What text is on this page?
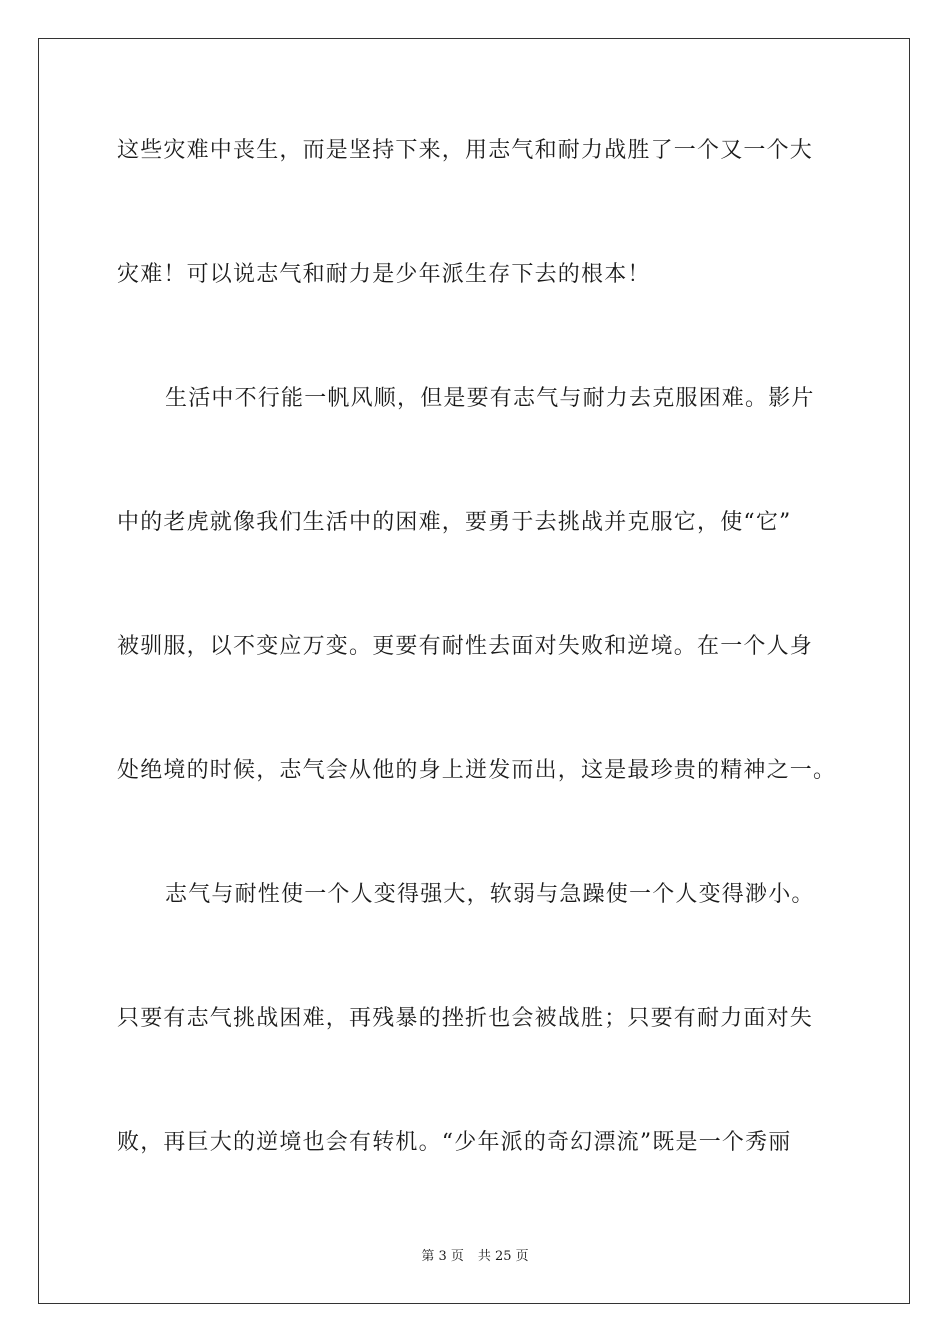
这些灾难中丧生，而是坚持下来，用志气和耐力战胜了一个又一个大
灾难！可以说志气和耐力是少年派生存下去的根本！
生活中不行能一帆风顺，但是要有志气与耐力去克服困难。影片
中的老虎就像我们生活中的困难，要勇于去挑战并克服它，使“它”
被驯服，以不变应万变。更要有耐性去面对失败和逆境。在一个人身
处绝境的时候，志气会从他的身上迸发而出，这是最珍贵的精神之一。
志气与耐性使一个人变得强大，软弱与急躁使一个人变得渺小。
只要有志气挑战困难，再残暴的挫折也会被战胜；只要有耐力面对失
败，再巨大的逆境也会有转机。“少年派的奇幻漂流”既是一个秀丽
第 3 页 共 25 页
